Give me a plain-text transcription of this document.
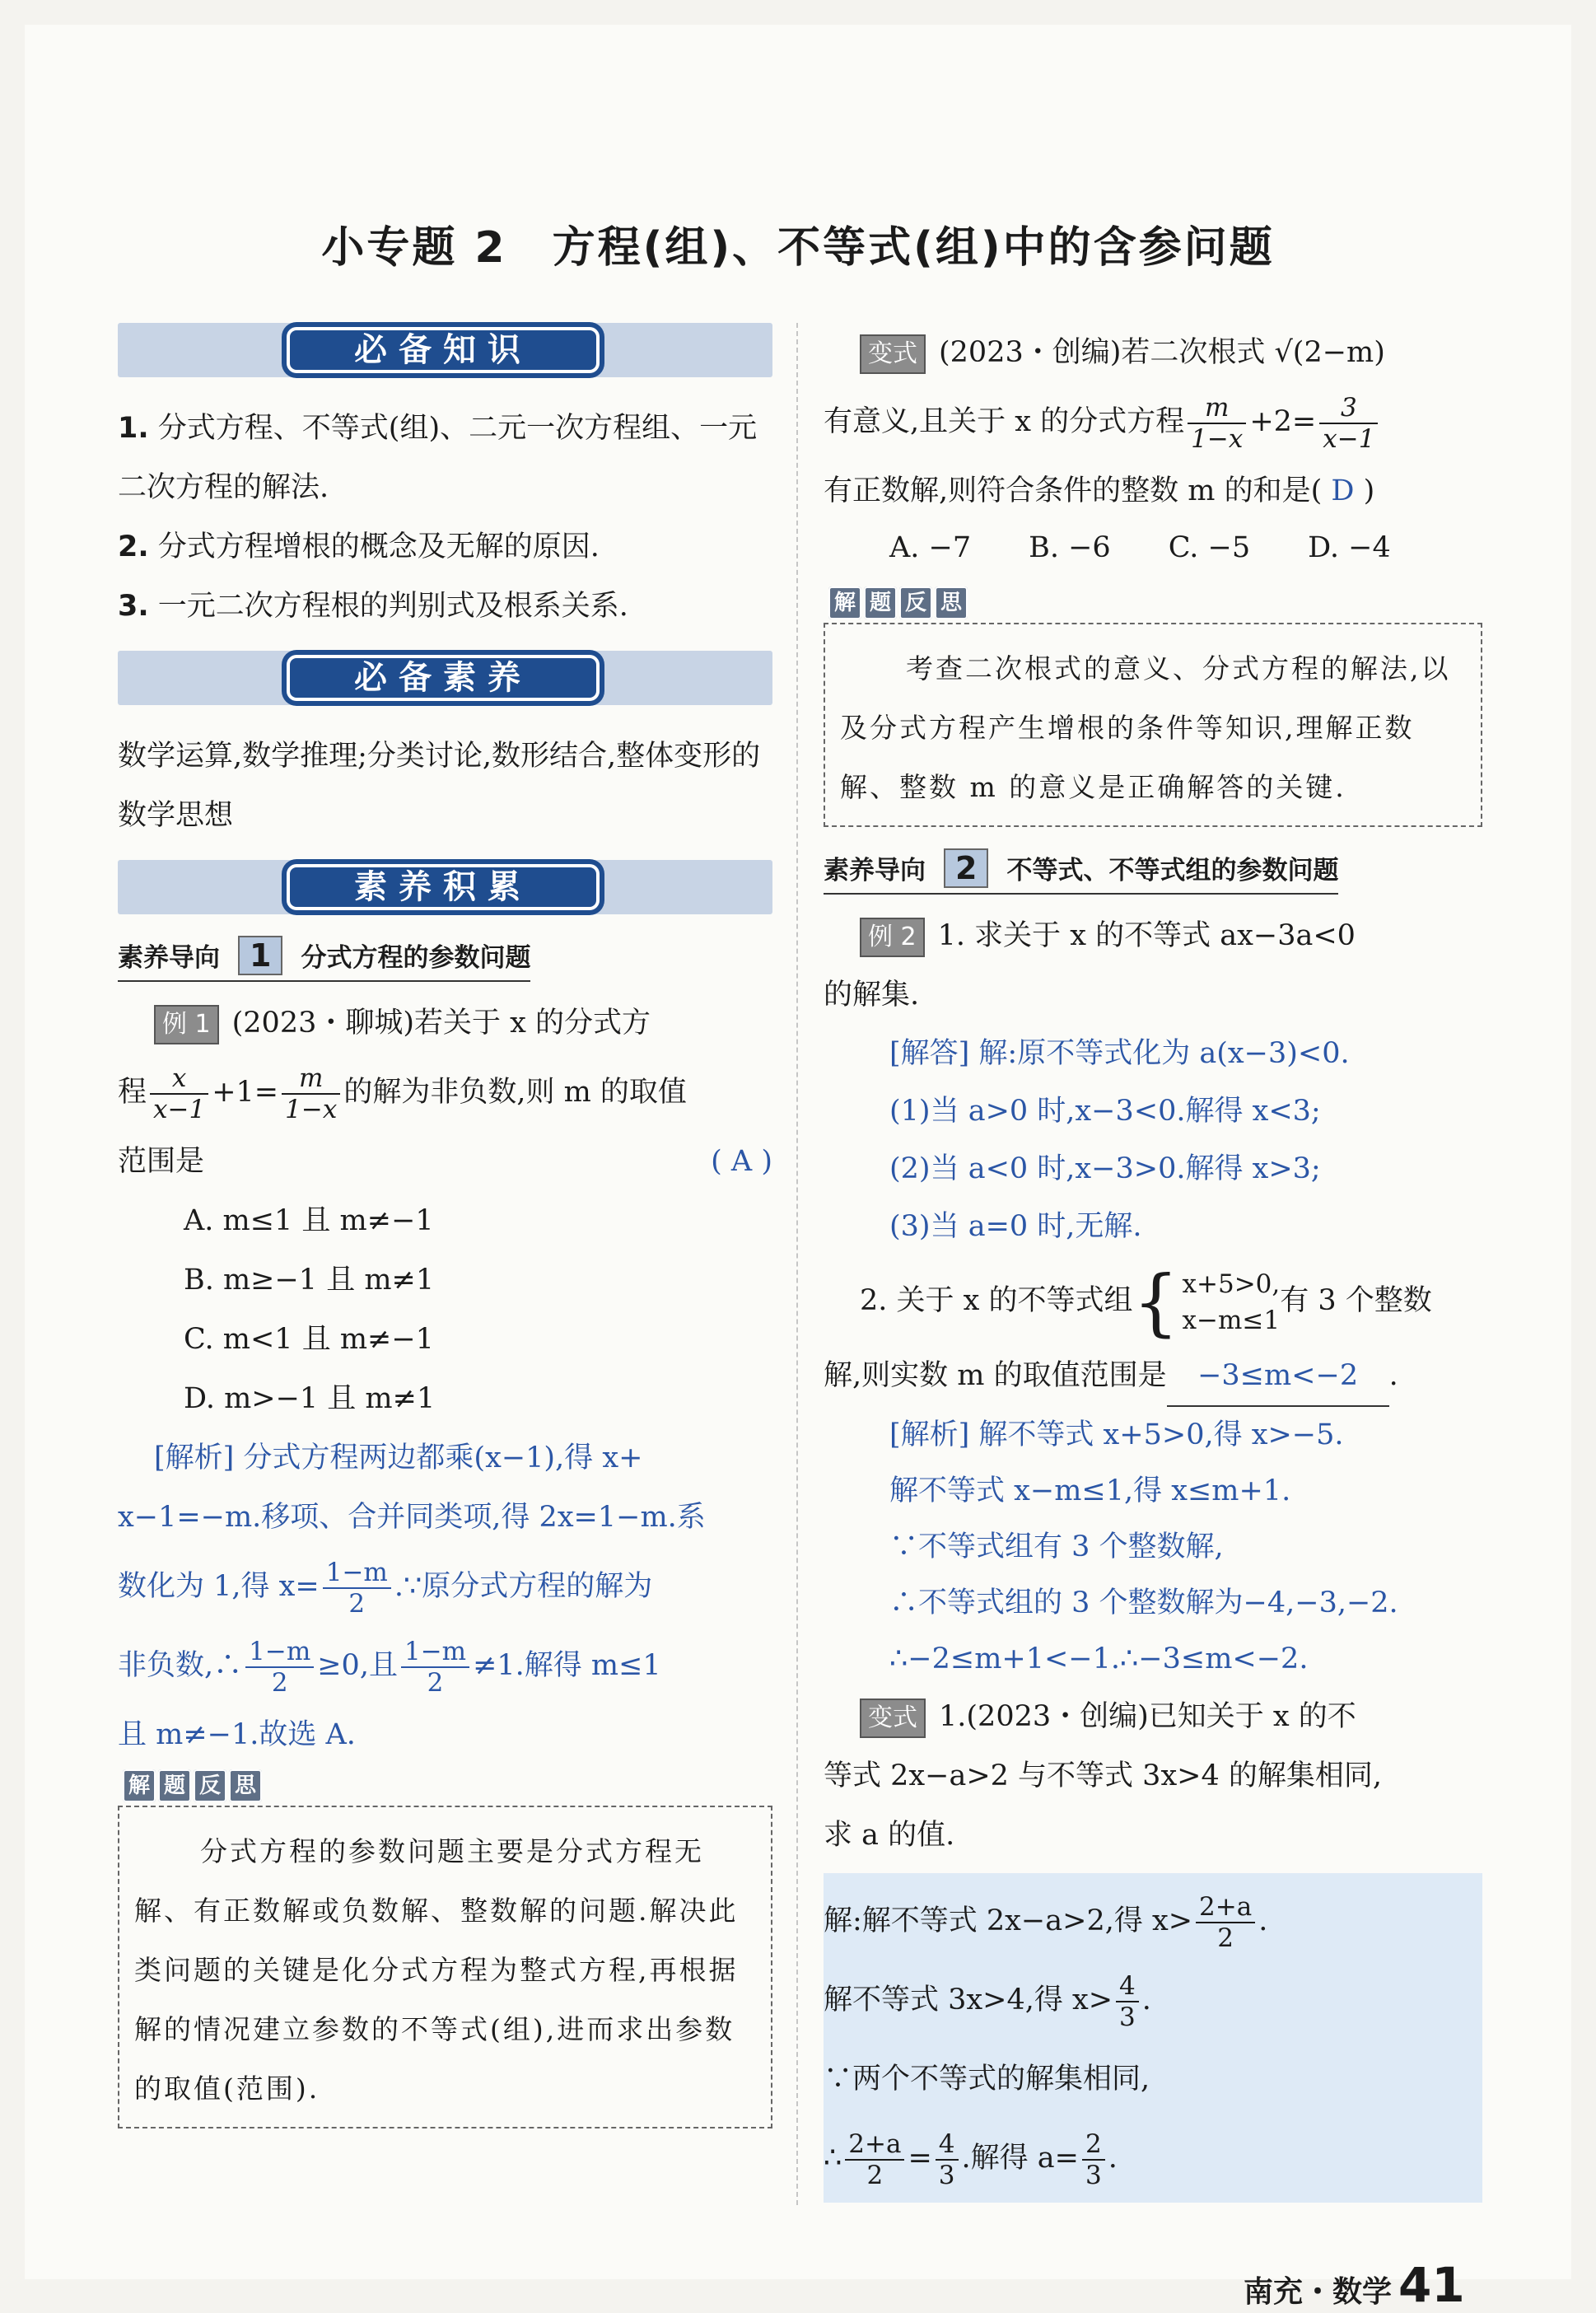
小专题 2　方程(组)、不等式(组)中的含参问题
必备知识

1. 分式方程、不等式(组)、二元一次方程组、一元二次方程的解法.

2. 分式方程增根的概念及无解的原因.

3. 一元二次方程根的判别式及根系关系.

必备素养

数学运算,数学推理;分类讨论,数形结合,整体变形的数学思想

素养积累
素养导向 1 分式方程的参数问题

例 1 (2023・聊城)若关于 x 的分式方

程 $\frac{x}{x-1} +1= \frac{m}{1-x}$ 的解为非负数,则 m 的取值

范围是	( A )

A. m≤1 且 m≠−1

B. m≥−1 且 m≠1

C. m<1 且 m≠−1

D. m>−1 且 m≠1

[解析] 分式方程两边都乘(x−1),得 x+

x−1=−m.移项、合并同类项,得 2x=1−m.系

数化为 1,得 $x= \frac{1-m}{2}$ .∵原分式方程的解为

非负数,∴ $\frac{1-m}{2} \ge 0$,且 $\frac{1-m}{2} \ne 1$.解得 m≤1

且 m≠−1.故选 A.

解 题 反 思
分式方程的参数问题主要是分式方程无解、有正数解或负数解、整数解的问题.解决此类问题的关键是化分式方程为整式方程,再根据解的情况建立参数的不等式(组),进而求出参数的取值(范围).

变式 (2023・创编)若二次根式 √(2−m)

有意义,且关于 x 的分式方程 $\frac{m}{1-x} +2= \frac{3}{x-1}$

有正数解,则符合条件的整数 m 的和是( D )

A. −7 B. −6 C. −5 D. −4
解 题 反 思
考查二次根式的意义、分式方程的解法,以及分式方程产生增根的条件等知识,理解正数解、整数 m 的意义是正确解答的关键.
素养导向 2 不等式、不等式组的参数问题

例 2 1. 求关于 x 的不等式 ax−3a<0

的解集.

[解答] 解:原不等式化为 a(x−3)<0.

(1)当 a>0 时,x−3<0.解得 x<3;

(2)当 a<0 时,x−3>0.解得 x>3;

(3)当 a=0 时,无解.

2. 关于 x 的不等式组 { x+5>0,
x−m≤1
有 3 个整数

解,则实数 m 的取值范围是 −3≤m<−2 .

[解析] 解不等式 x+5>0,得 x>−5.

解不等式 x−m≤1,得 x≤m+1.

∵不等式组有 3 个整数解,

∴不等式组的 3 个整数解为−4,−3,−2.

∴−2≤m+1<−1.∴−3≤m<−2.

变式 1.(2023・创编)已知关于 x 的不

等式 2x−a>2 与不等式 3x>4 的解集相同,

求 a 的值.

解:解不等式 2x−a>2,得 $x> \frac{2+a}{2}$ .

解不等式 3x>4,得 $x> \frac{4}{3}$ .

∵两个不等式的解集相同,

∴ $\frac{2+a}{2} = \frac{4}{3}$ .解得 $a= \frac{2}{3}$ .

南充・数学 41
